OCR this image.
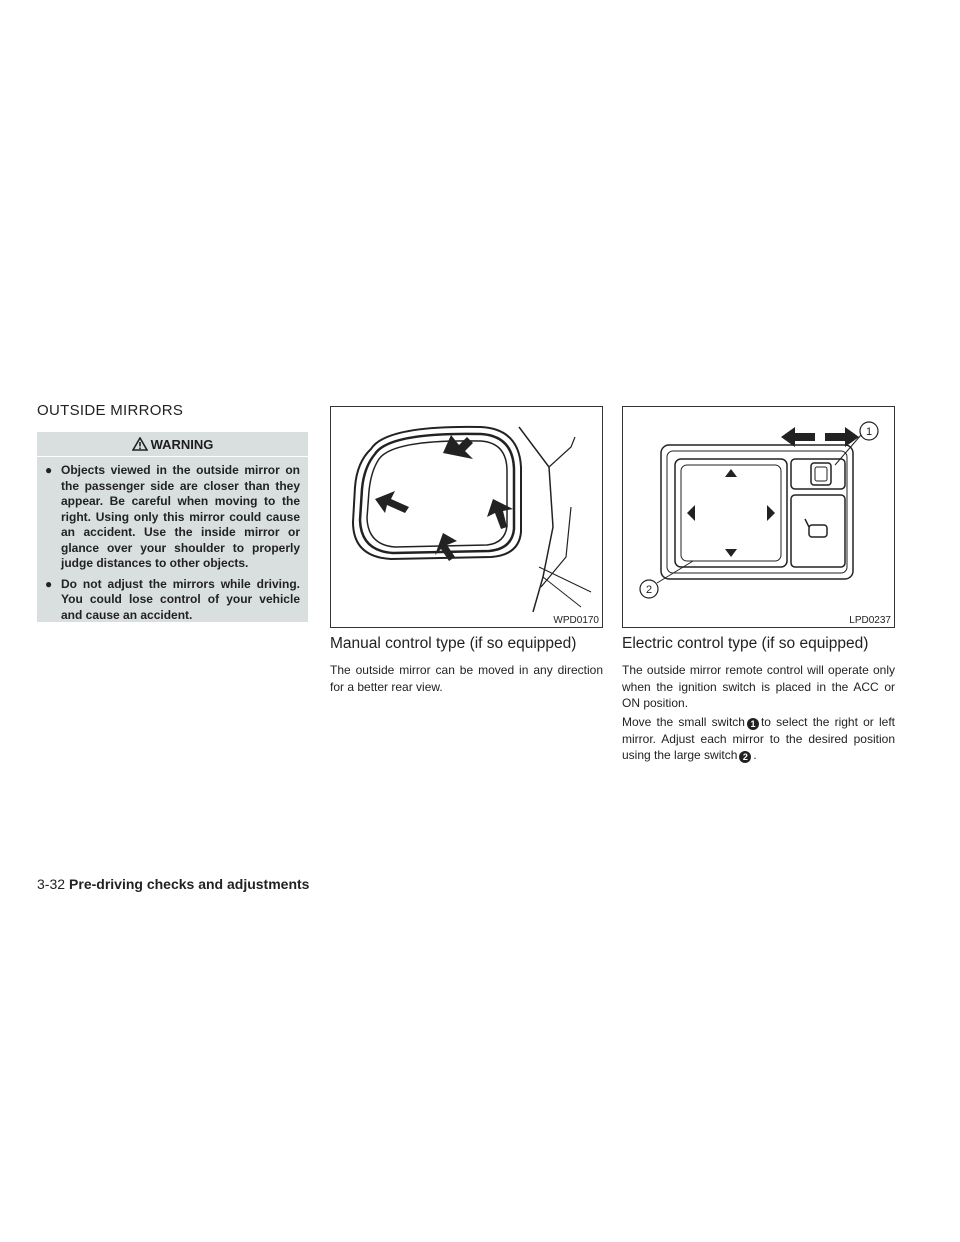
OUTSIDE MIRRORS
WARNING
● Objects viewed in the outside mirror on the passenger side are closer than they appear. Be careful when moving to the right. Using only this mirror could cause an accident. Use the inside mirror or glance over your shoulder to properly judge distances to other objects.
● Do not adjust the mirrors while driving. You could lose control of your vehicle and cause an accident.	WPD0170
1
2
LPD0237
Manual control type (if so equipped)
The outside mirror can be moved in any direction for a better rear view.
Electric control type (if so equipped)
The outside mirror remote control will operate only when the ignition switch is placed in the ACC or ON position.
Move the small switch 1 to select the right or left mirror. Adjust each mirror to the desired position using the large switch 2 .
3-32 Pre-driving checks and adjustments
